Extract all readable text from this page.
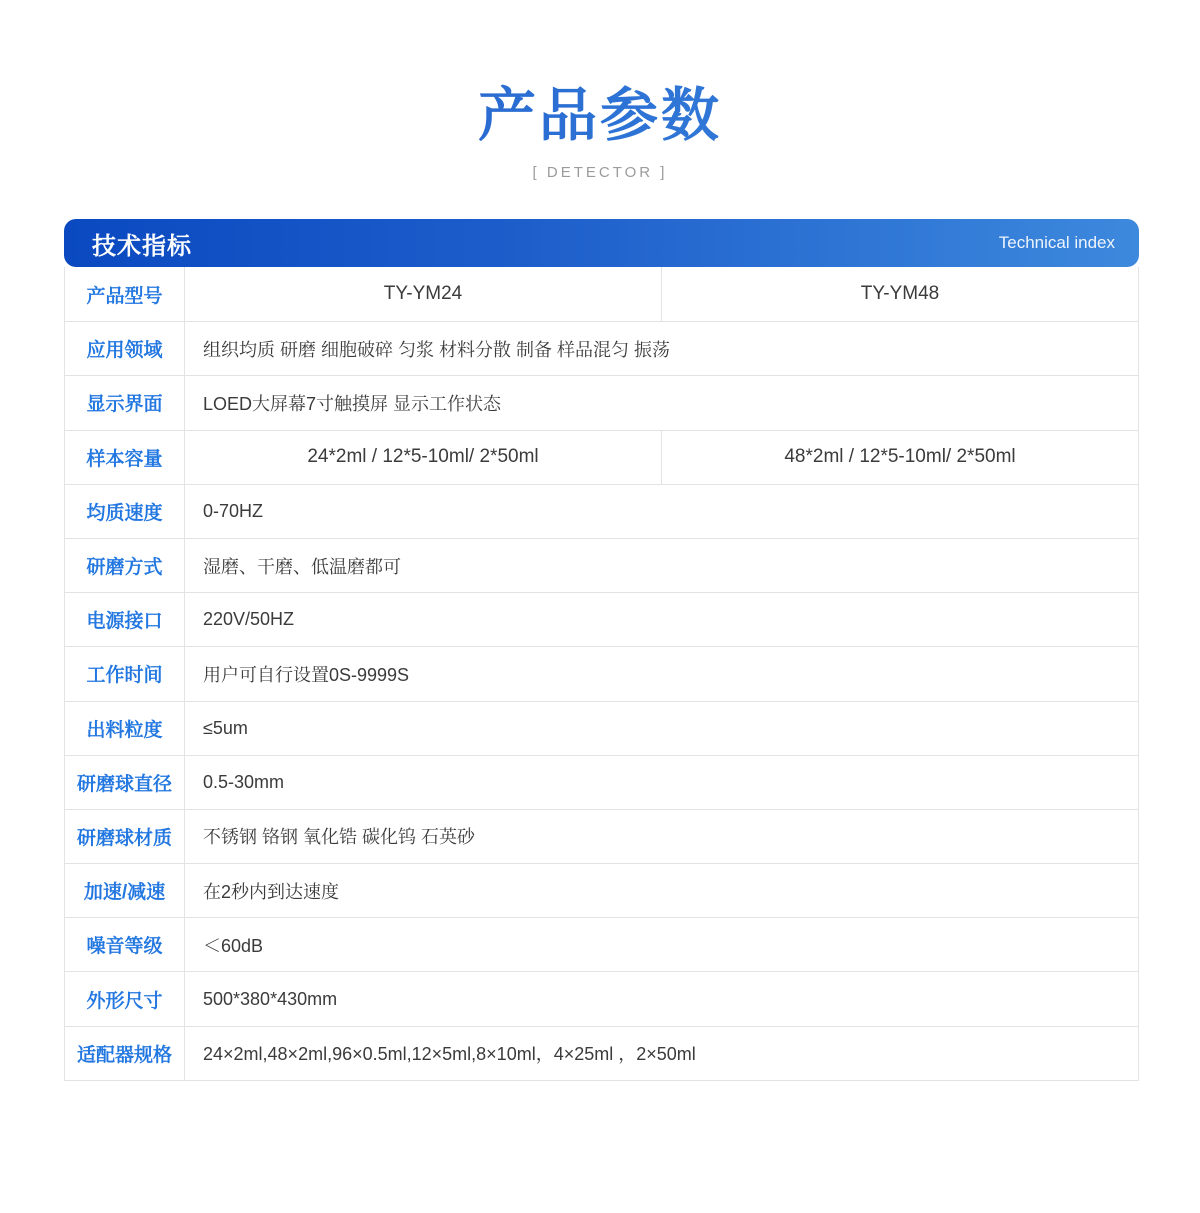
产品参数
[ DETECTOR ]
技术指标	Technical index
产品型号	TY-YM24	TY-YM48
应用领域	组织均质 研磨 细胞破碎 匀浆 材料分散 制备 样品混匀 振荡
显示界面	LOED大屏幕7寸触摸屏 显示工作状态
样本容量	24*2ml / 12*5-10ml/ 2*50ml	48*2ml / 12*5-10ml/ 2*50ml
均质速度	0-70HZ
研磨方式	湿磨、干磨、低温磨都可
电源接口	220V/50HZ
工作时间	用户可自行设置0S-9999S
出料粒度	≤5um
研磨球直径	0.5-30mm
研磨球材质	不锈钢 铬钢 氧化锆 碳化钨 石英砂
加速/减速	在2秒内到达速度
噪音等级	＜60dB
外形尺寸	500*380*430mm
适配器规格	24×2ml,48×2ml,96×0.5ml,12×5ml,8×10ml，4×25ml ，2×50ml
